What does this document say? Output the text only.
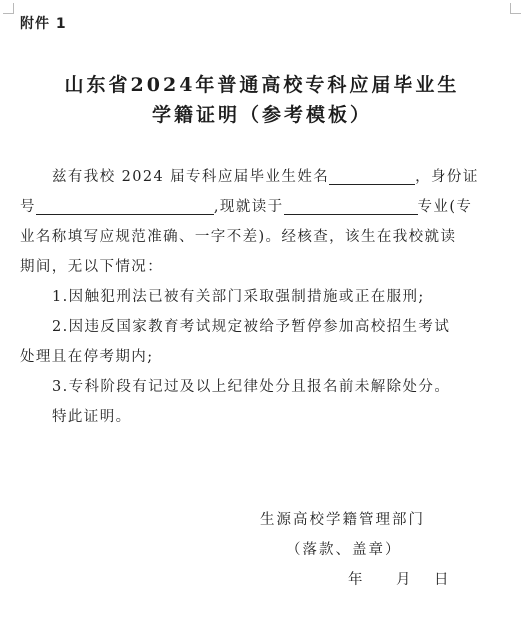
附件 1
山东省2024年普通高校专科应届毕业生
学籍证明（参考模板）
兹有我校 2024 届专科应届毕业生姓名	，身份证
号	,现就读于	专业(专
业名称填写应规范准确、一字不差)。经核查，该生在我校就读
期间，无以下情况：
1.因触犯刑法已被有关部门采取强制措施或正在服刑;
2.因违反国家教育考试规定被给予暂停参加高校招生考试
处理且在停考期内;
3.专科阶段有记过及以上纪律处分且报名前未解除处分。
特此证明。
生源高校学籍管理部门
（落款、盖章）
年 月 日
